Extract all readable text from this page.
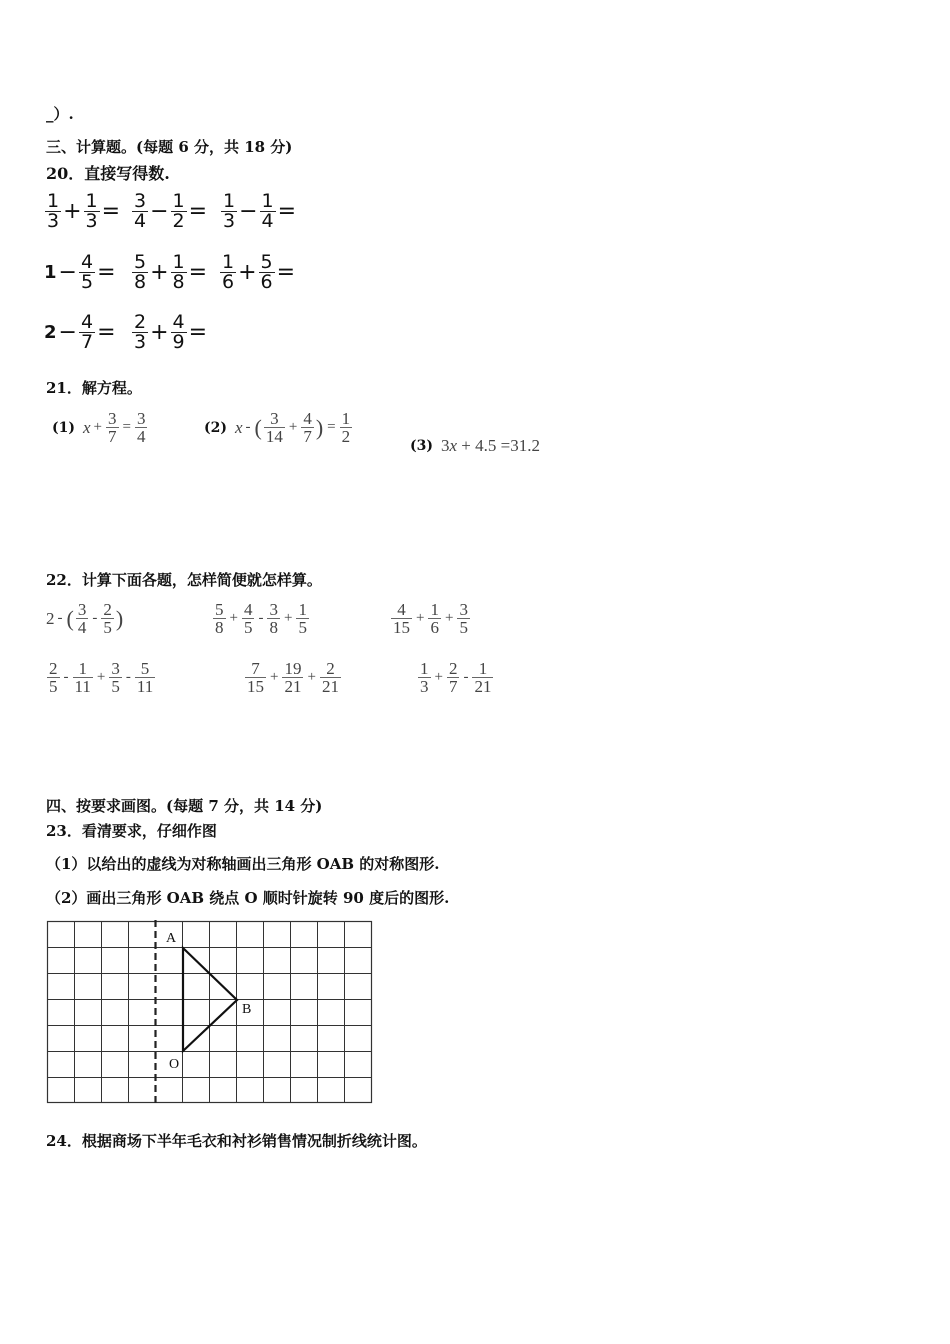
_）.
三、计算题。(每题 6 分，共 18 分)
20．直接写得数.
$\frac{1}{3} + \frac{1}{3} = \frac{3}{4} - \frac{1}{2} = \frac{1}{3} - \frac{1}{4}$ =
$1 - \frac{4}{5} = \frac{5}{8} + \frac{1}{8} = \frac{1}{6} + \frac{5}{6}$ =
$2 - \frac{4}{7} = \frac{2}{3} + \frac{4}{9}$ =
21．解方程。
(1) $x + \frac{3}{7} = \frac{3}{4}$	(2) x - ( $\frac{3}{14} + \frac{4}{7}$ ) = $\frac{1}{2}$
(3) 3 x + 4.5 =31.2
22．计算下面各题，怎样简便就怎样算。
2 - ( $\frac{3}{4} - \frac{2}{5}$ )	$\frac{5}{8} + \frac{4}{5} - \frac{3}{8} + \frac{1}{5}$	$\frac{4}{15} + \frac{1}{6} + \frac{3}{5}$
$\frac{2}{5} - \frac{1}{11} + \frac{3}{5} - \frac{5}{11}$	$\frac{7}{15} + \frac{19}{21} + \frac{2}{21}$	$\frac{1}{3} + \frac{2}{7} - \frac{1}{21}$
四、按要求画图。(每题 7 分，共 14 分)
23．看清要求，仔细作图
（1）以给出的虚线为对称轴画出三角形 OAB 的对称图形.
（2）画出三角形 OAB 绕点 O 顺时针旋转 90 度后的图形.
A
B
O
24．根据商场下半年毛衣和衬衫销售情况制折线统计图。
